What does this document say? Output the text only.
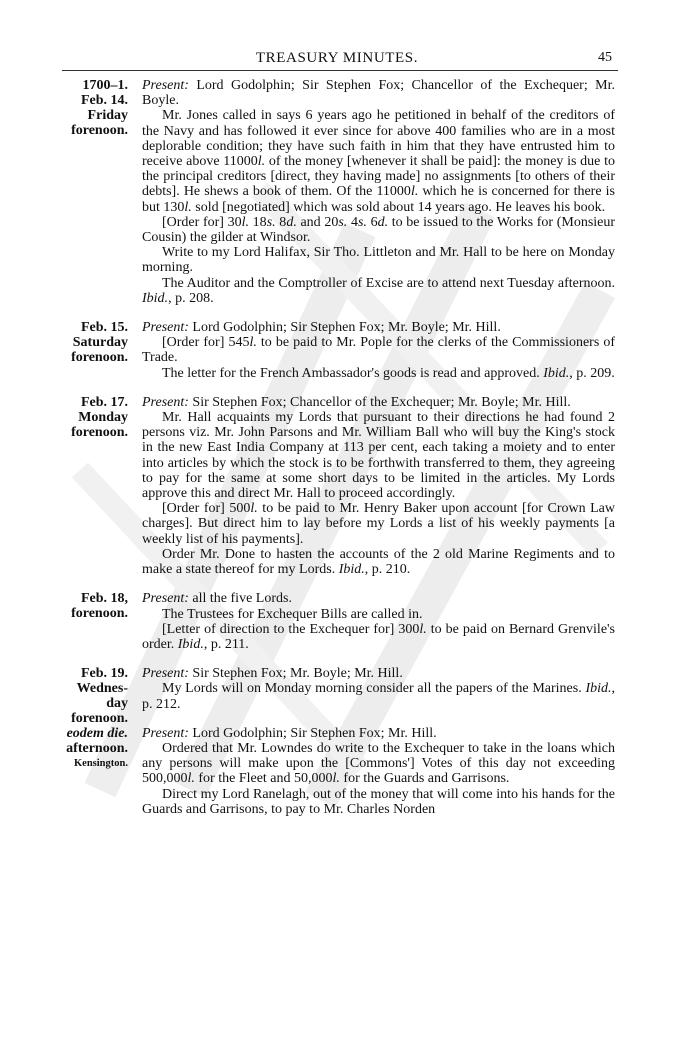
TREASURY MINUTES.	45
1700–1.
Feb. 14.
Friday
forenoon.

Present: Lord Godolphin; Sir Stephen Fox; Chancellor of the Exchequer; Mr. Boyle.

Mr. Jones called in says 6 years ago he petitioned in behalf of the creditors of the Navy and has followed it ever since for above 400 families who are in a most deplorable condition; they have such faith in him that they have entrusted him to receive above 11000l. of the money [whenever it shall be paid]: the money is due to the principal creditors [direct, they having made] no assignments [to others of their debts]. He shews a book of them. Of the 11000l. which he is concerned for there is but 130l. sold [negotiated] which was sold about 14 years ago. He leaves his book.

[Order for] 30l. 18s. 8d. and 20s. 4s. 6d. to be issued to the Works for (Monsieur Cousin) the gilder at Windsor.

Write to my Lord Halifax, Sir Tho. Littleton and Mr. Hall to be here on Monday morning.

The Auditor and the Comptroller of Excise are to attend next Tuesday afternoon. Ibid., p. 208.

Feb. 15.
Saturday
forenoon.

Present: Lord Godolphin; Sir Stephen Fox; Mr. Boyle; Mr. Hill.

[Order for] 545l. to be paid to Mr. Pople for the clerks of the Commissioners of Trade.

The letter for the French Ambassador's goods is read and approved. Ibid., p. 209.

Feb. 17.
Monday
forenoon.

Present: Sir Stephen Fox; Chancellor of the Exchequer; Mr. Boyle; Mr. Hill.

Mr. Hall acquaints my Lords that pursuant to their directions he had found 2 persons viz. Mr. John Parsons and Mr. William Ball who will buy the King's stock in the new East India Company at 113 per cent, each taking a moiety and to enter into articles by which the stock is to be forthwith transferred to them, they agreeing to pay for the same at some short days to be limited in the articles. My Lords approve this and direct Mr. Hall to proceed accordingly.

[Order for] 500l. to be paid to Mr. Henry Baker upon account [for Crown Law charges]. But direct him to lay before my Lords a list of his weekly payments [a weekly list of his payments].

Order Mr. Done to hasten the accounts of the 2 old Marine Regiments and to make a state thereof for my Lords. Ibid., p. 210.

Feb. 18,
forenoon.

Present: all the five Lords.

The Trustees for Exchequer Bills are called in.

[Letter of direction to the Exchequer for] 300l. to be paid on Bernard Grenvile's order. Ibid., p. 211.

Feb. 19.
Wednes-
day
forenoon.

Present: Sir Stephen Fox; Mr. Boyle; Mr. Hill.

My Lords will on Monday morning consider all the papers of the Marines. Ibid., p. 212.

eodem die.
afternoon.
Kensington.

Present: Lord Godolphin; Sir Stephen Fox; Mr. Hill.

Ordered that Mr. Lowndes do write to the Exchequer to take in the loans which any persons will make upon the [Commons'] Votes of this day not exceeding 500,000l. for the Fleet and 50,000l. for the Guards and Garrisons.

Direct my Lord Ranelagh, out of the money that will come into his hands for the Guards and Garrisons, to pay to Mr. Charles Norden
